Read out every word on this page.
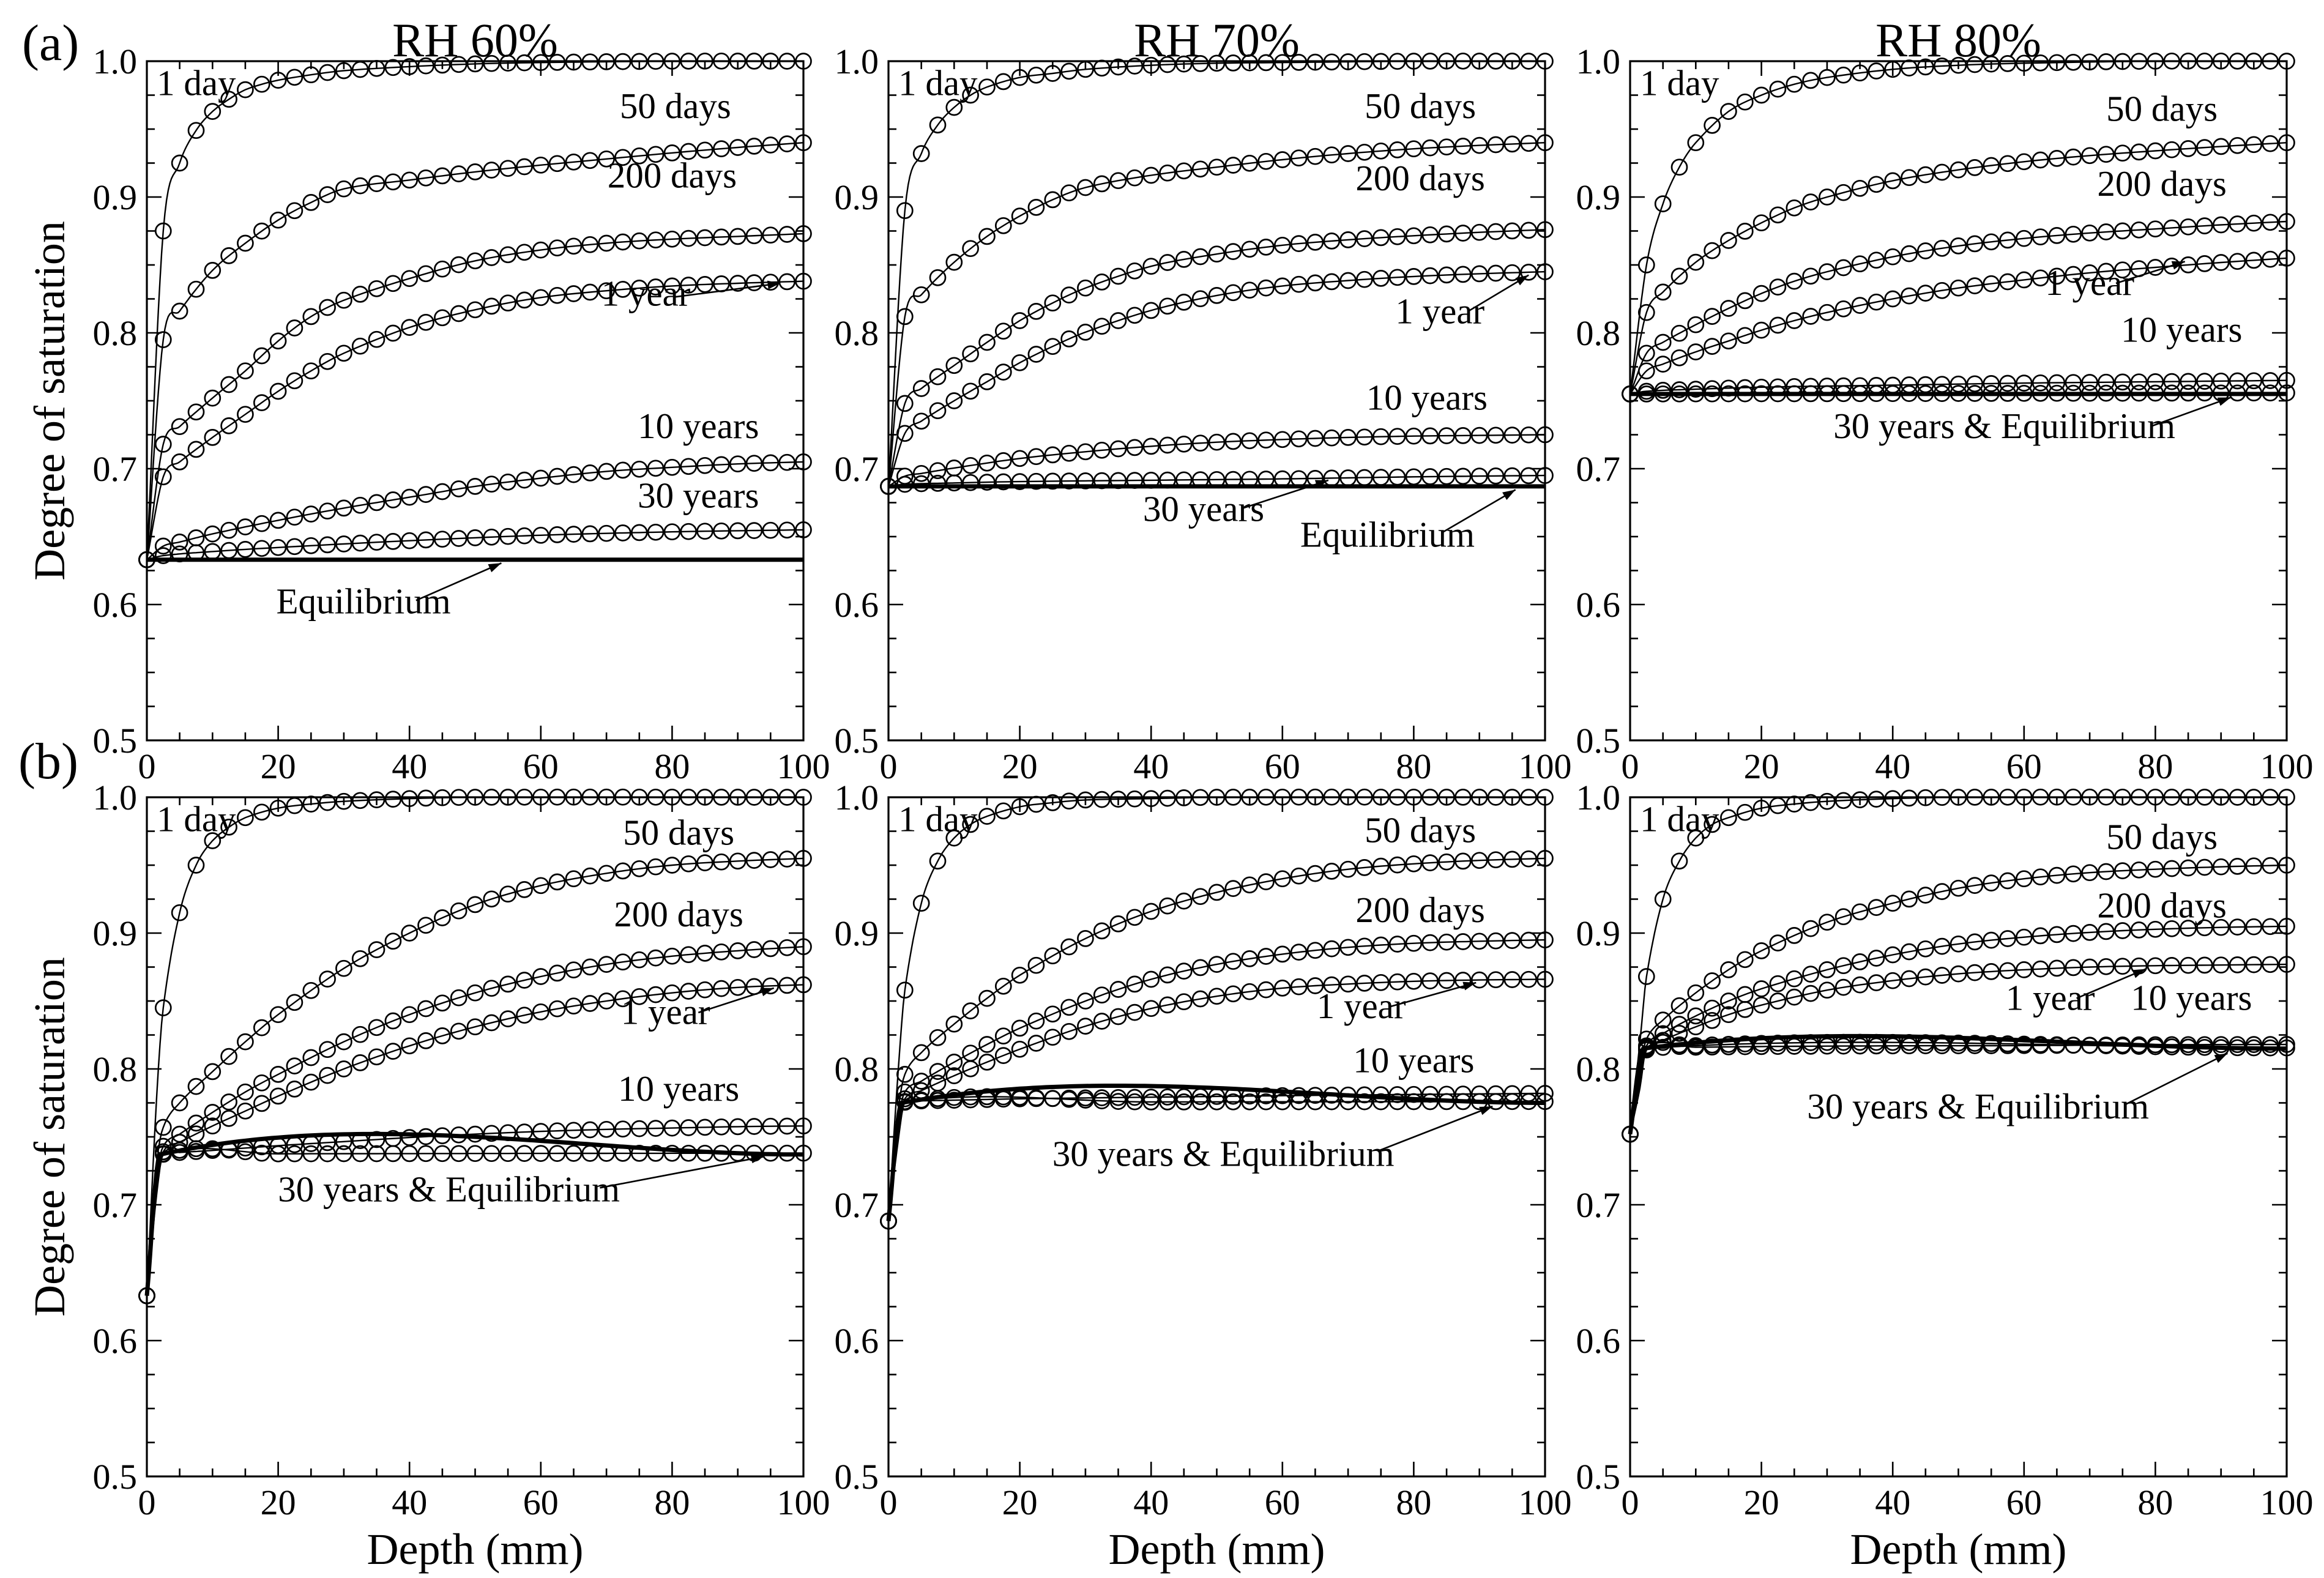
0	20	40	60	80 100
0.5
0.6
0.7
0.8
0.9
1.0
1 day
50 days
200 days
1 year
10 years
30 years
Equilibrium
0	20	40	60	80 100
0.5
0.6
0.7
0.8
0.9
1.0
1 day
50 days
200 days
1 year
10 years
30 years
Equilibrium
0	20	40	60	80 100
0.5
0.6
0.7
0.8
0.9
1.0
1 day
50 days
200 days
1 year
10 years
30 years & Equilibrium
0	20	40	60	80 100
0.5
0.6
0.7
0.8
0.9
1.0
1 day	50 days
200 days
1 year
10 years
30 years & Equilibrium
0	20	40	60	80 100
0.5
0.6
0.7
0.8
0.9
1.0
1 day	50 days
200 days
1 year
10 years
30 years & Equilibrium
0	20	40	60	80 100
0.5
0.6
0.7
0.8
0.9
1.0
1 day	50 days
200 days
1 year 10 years
30 years & Equilibrium
RH 60%	RH 70%	RH 80%
Depth (mm)	Depth (mm)	Depth (mm)
Degree of saturation
Degree of saturation
(a)
(b)
